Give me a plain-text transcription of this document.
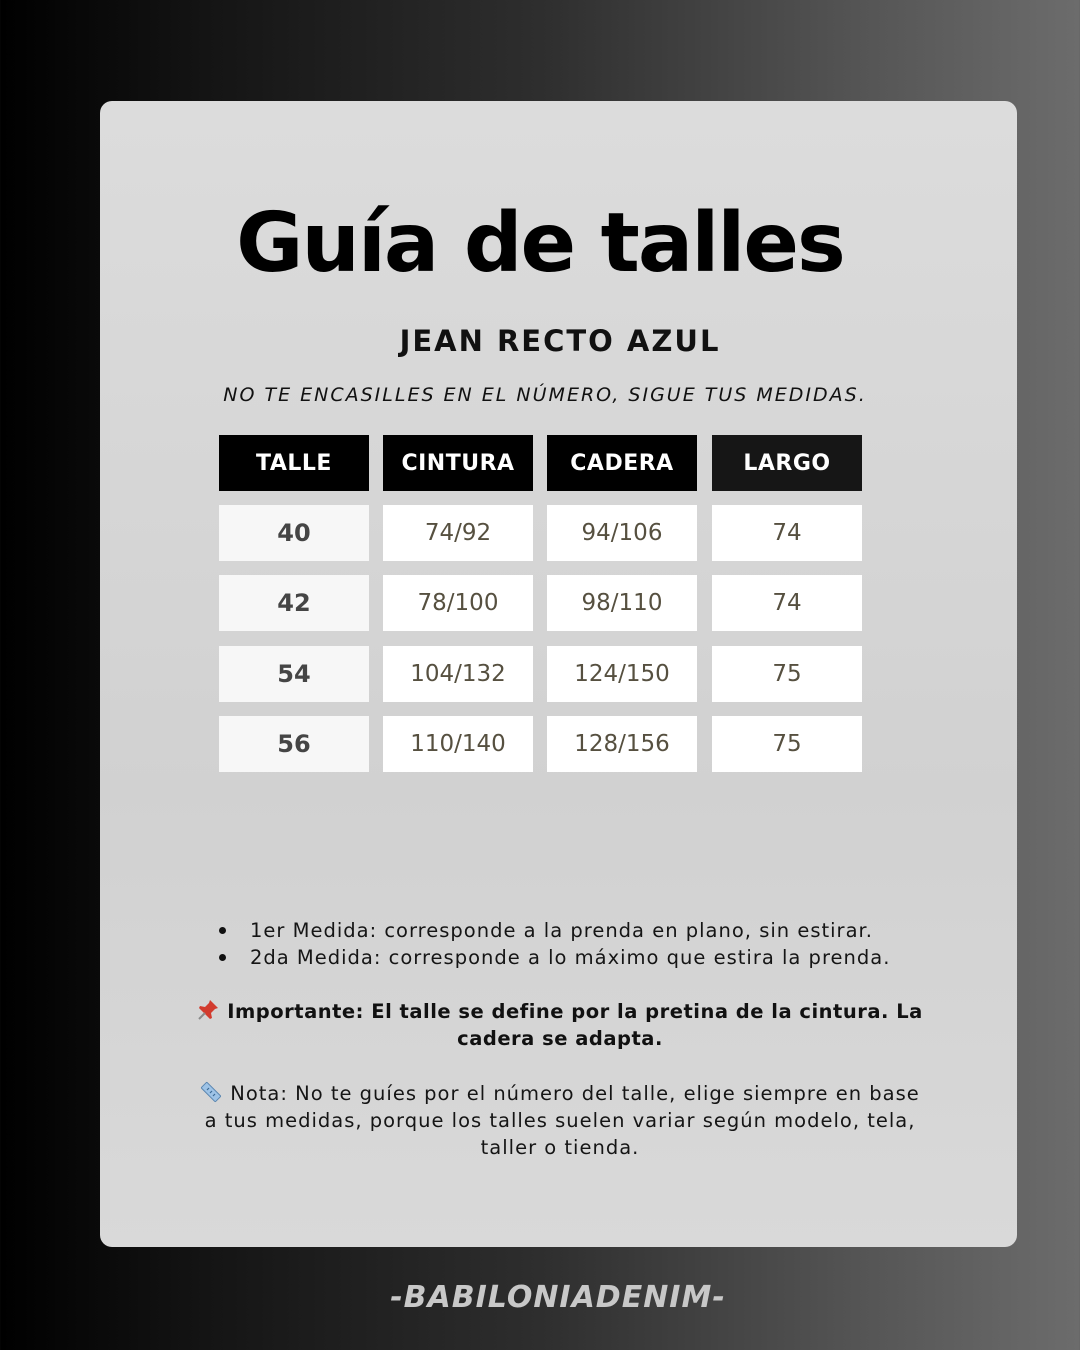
Guía de talles
JEAN RECTO AZUL

NO TE ENCASILLES EN EL NÚMERO, SIGUE TUS MEDIDAS.

TALLE	CINTURA	CADERA	LARGO
40	74/92	94/106	74
42	78/100	98/110	74
54	104/132	124/150	75
56	110/140	128/156	75
1er Medida: corresponde a la prenda en plano, sin estirar.
2da Medida: corresponde a lo máximo que estira la prenda.

Importante: El talle se define por la pretina de la cintura. La cadera se adapta.

Nota: No te guíes por el número del talle, elige siempre en base a tus medidas, porque los talles suelen variar según modelo, tela, taller o tienda.

-BABILONIADENIM-
